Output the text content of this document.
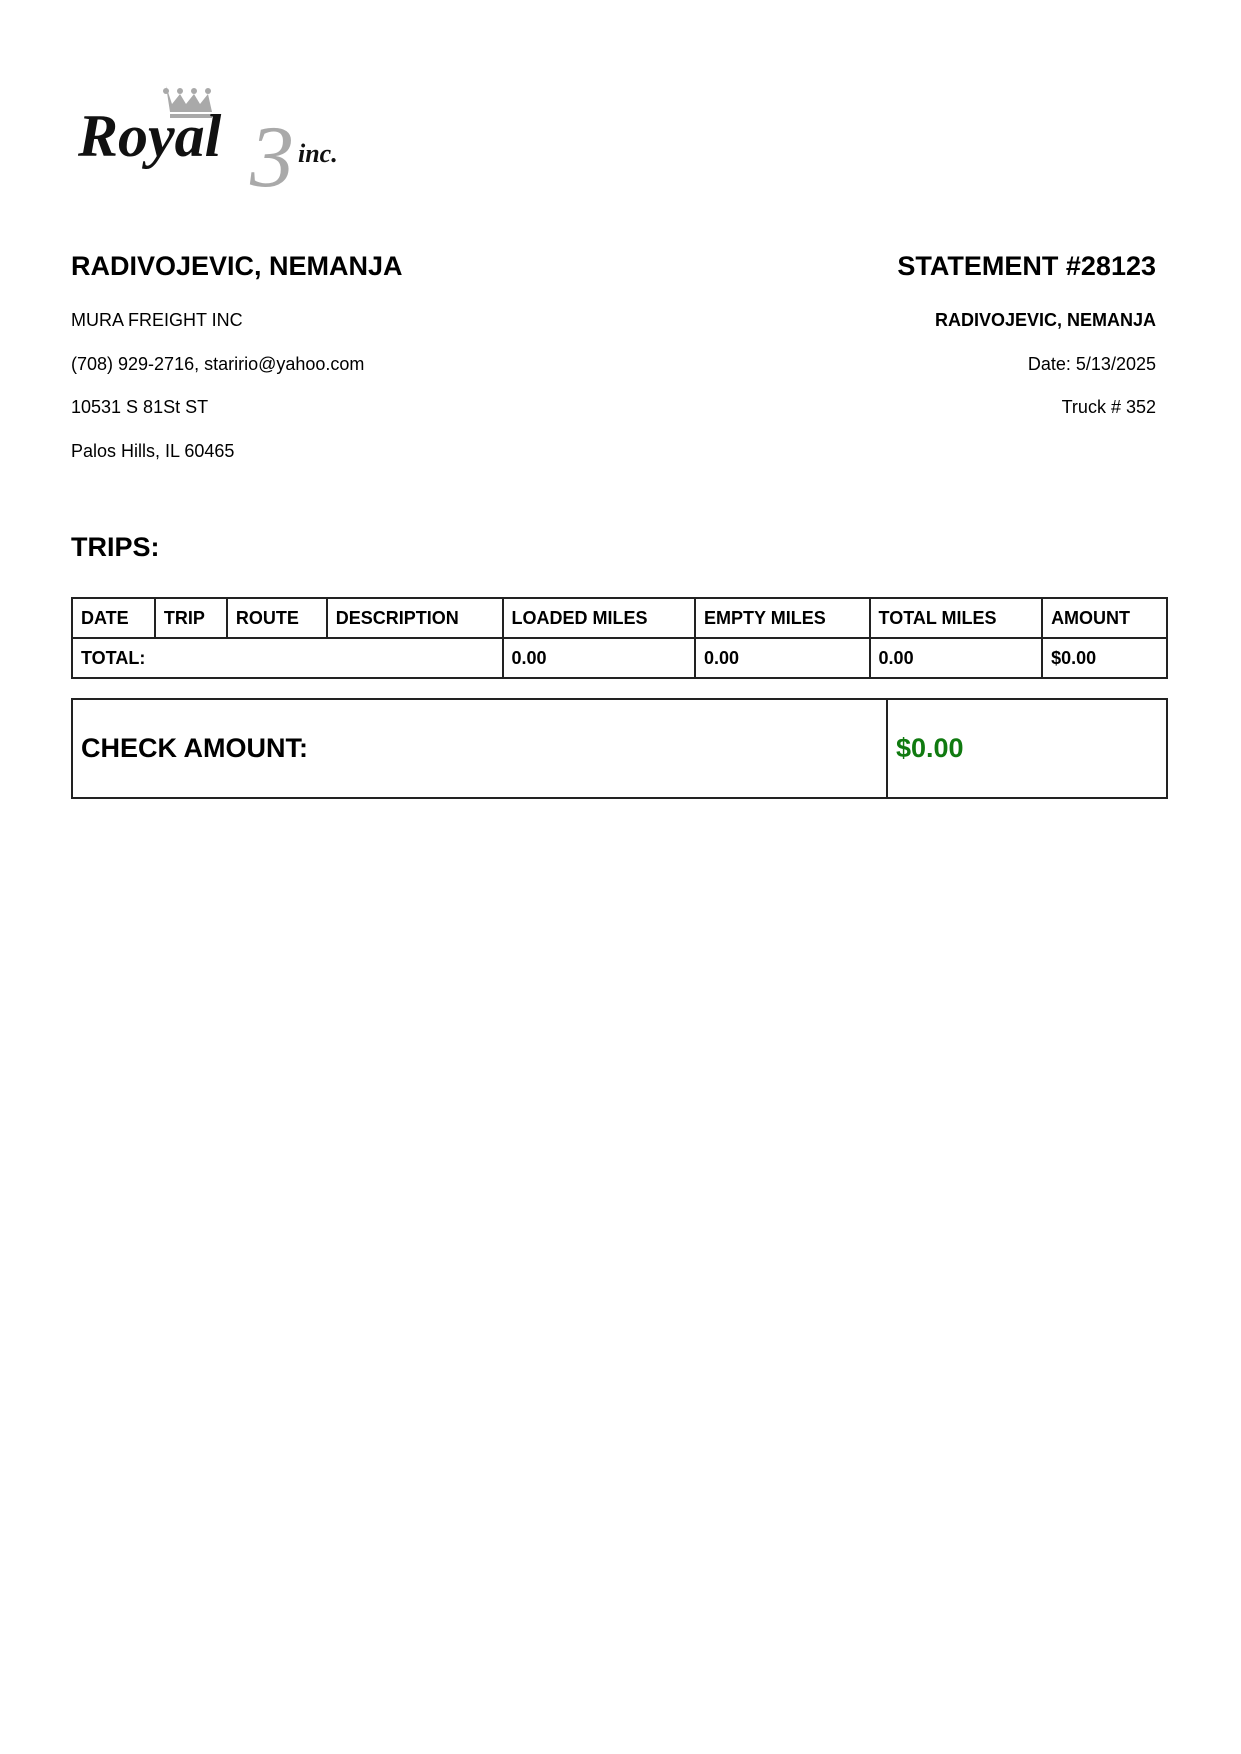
Royal 3 inc.
RADIVOJEVIC, NEMANJA	STATEMENT #28123
MURA FREIGHT INC
(708) 929-2716, staririo@yahoo.com
10531 S 81St ST
Palos Hills, IL 60465
RADIVOJEVIC, NEMANJA
Date: 5/13/2025
Truck # 352
TRIPS:
DATE	TRIP	ROUTE	DESCRIPTION	LOADED MILES	EMPTY MILES	TOTAL MILES	AMOUNT
TOTAL:				0.00	0.00	0.00	$0.00
CHECK AMOUNT:	$0.00
